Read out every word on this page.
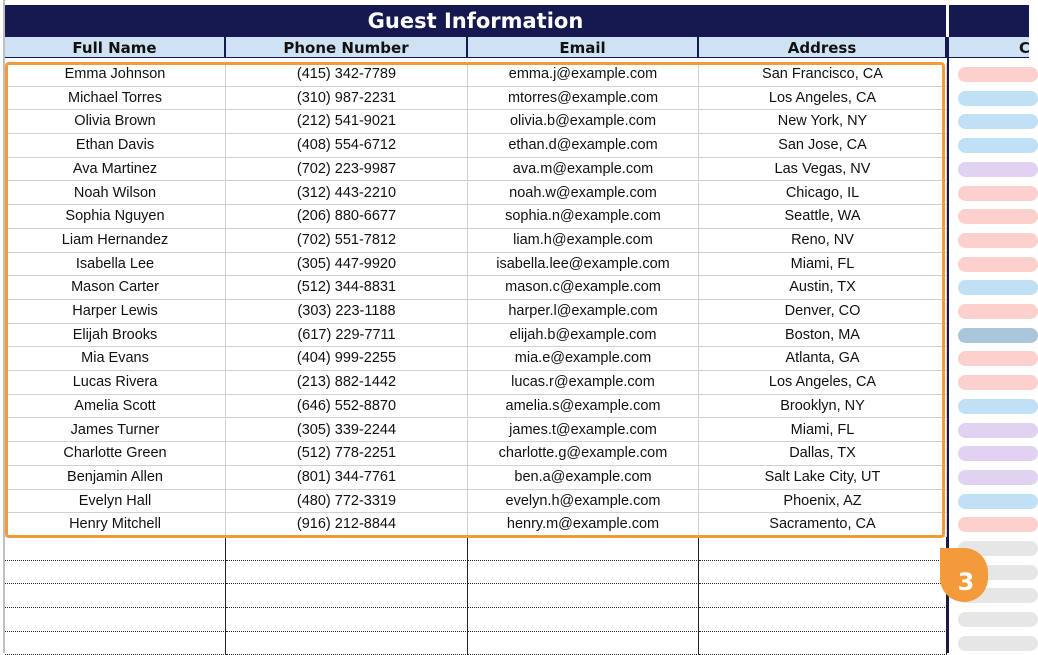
Guest Information
Full Name	Phone Number	Email	Address	C
Emma Johnson	(415) 342-7789	emma.j@example.com	San Francisco, CA
Michael Torres	(310) 987-2231	mtorres@example.com	Los Angeles, CA
Olivia Brown	(212) 541-9021	olivia.b@example.com	New York, NY
Ethan Davis	(408) 554-6712	ethan.d@example.com	San Jose, CA
Ava Martinez	(702) 223-9987	ava.m@example.com	Las Vegas, NV
Noah Wilson	(312) 443-2210	noah.w@example.com	Chicago, IL
Sophia Nguyen	(206) 880-6677	sophia.n@example.com	Seattle, WA
Liam Hernandez	(702) 551-7812	liam.h@example.com	Reno, NV
Isabella Lee	(305) 447-9920	isabella.lee@example.com	Miami, FL
Mason Carter	(512) 344-8831	mason.c@example.com	Austin, TX
Harper Lewis	(303) 223-1188	harper.l@example.com	Denver, CO
Elijah Brooks	(617) 229-7711	elijah.b@example.com	Boston, MA
Mia Evans	(404) 999-2255	mia.e@example.com	Atlanta, GA
Lucas Rivera	(213) 882-1442	lucas.r@example.com	Los Angeles, CA
Amelia Scott	(646) 552-8870	amelia.s@example.com	Brooklyn, NY
James Turner	(305) 339-2244	james.t@example.com	Miami, FL
Charlotte Green	(512) 778-2251	charlotte.g@example.com	Dallas, TX
Benjamin Allen	(801) 344-7761	ben.a@example.com	Salt Lake City, UT
Evelyn Hall	(480) 772-3319	evelyn.h@example.com	Phoenix, AZ
Henry Mitchell	(916) 212-8844	henry.m@example.com	Sacramento, CA
3
